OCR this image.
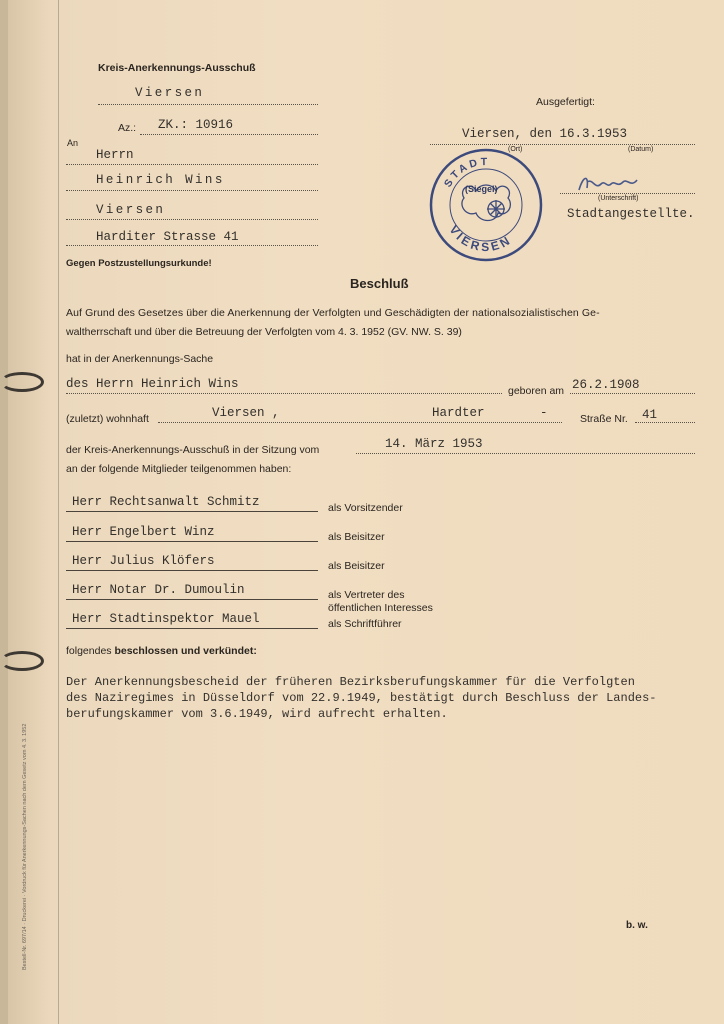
Bestell-Nr. 697/14 · Druckerei · Vordruck für Anerkennungs-Sachen nach dem Gesetz vom 4. 3. 1952
Kreis-Anerkennungs-Ausschuß
Viersen
Az.: ZK.: 10916
An
Herrn
Heinrich Wins
Viersen
Harditer Strasse 41
Gegen Postzustellungsurkunde!
Ausgefertigt:
Viersen, den 16.3.1953
(Ort)	(Datum)
(Unterschrift)
Stadtangestellte.
STADT
VIERSEN
(Siegel)
Beschluß
Auf Grund des Gesetzes über die Anerkennung der Verfolgten und Geschädigten der nationalsozialistischen Ge-
waltherrschaft und über die Betreuung der Verfolgten vom 4. 3. 1952 (GV. NW. S. 39)
hat in der Anerkennungs-Sache
des Herrn Heinrich Wins	geboren am 26.2.1908
(zuletzt) wohnhaft	Viersen ,	Hardter	-	Straße Nr. 41
der Kreis-Anerkennungs-Ausschuß in der Sitzung vom	14. März 1953
an der folgende Mitglieder teilgenommen haben:
Herr Rechtsanwalt Schmitz	als Vorsitzender
Herr Engelbert Winz	als Beisitzer
Herr Julius Klöfers	als Beisitzer
Herr Notar Dr. Dumoulin	als Vertreter des
öffentlichen Interesses
Herr Stadtinspektor Mauel	als Schriftführer
folgendes beschlossen und verkündet:
Der Anerkennungsbescheid der früheren Bezirksberufungskammer für die Verfolgten
des Naziregimes in Düsseldorf vom 22.9.1949, bestätigt durch Beschluss der Landes-
berufungskammer vom 3.6.1949, wird aufrecht erhalten.
b. w.
